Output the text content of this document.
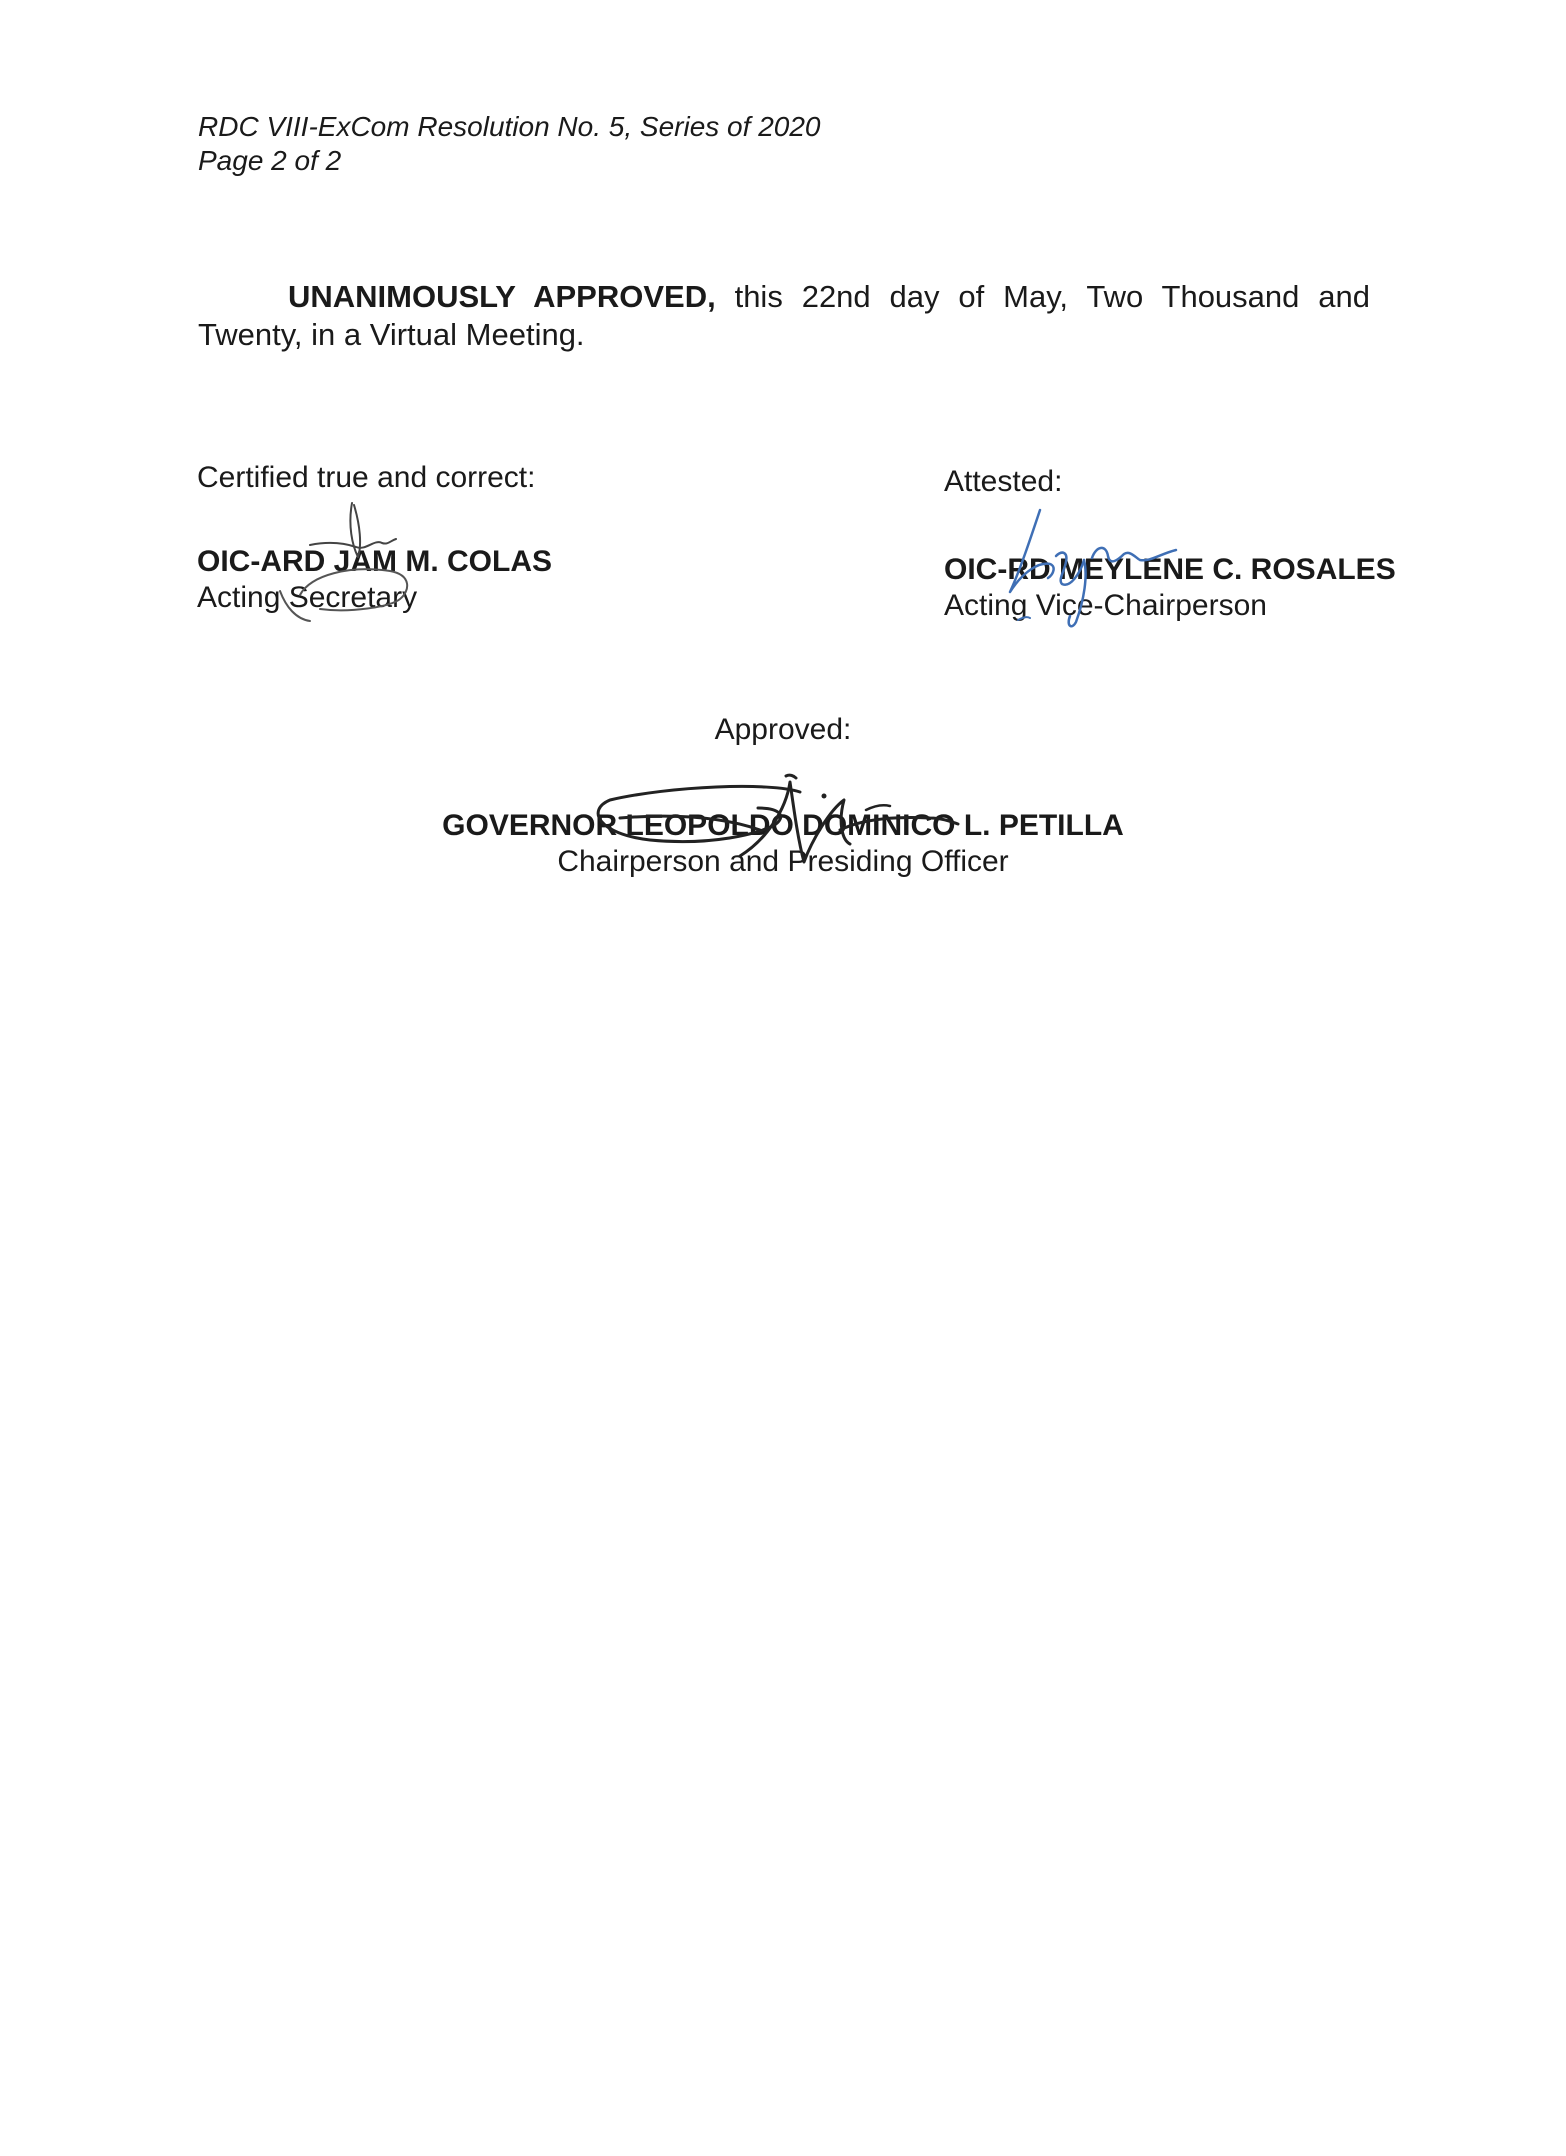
RDC VIII-ExCom Resolution No. 5, Series of 2020
Page 2 of 2
UNANIMOUSLY APPROVED, this 22nd day of May, Two Thousand and
Twenty, in a Virtual Meeting.
Certified true and correct:
OIC-ARD JAM M. COLAS
Acting Secretary
Attested:
OIC-RD MEYLENE C. ROSALES
Acting Vice-Chairperson
Approved:
GOVERNOR LEOPOLDO DOMINICO L. PETILLA
Chairperson and Presiding Officer
